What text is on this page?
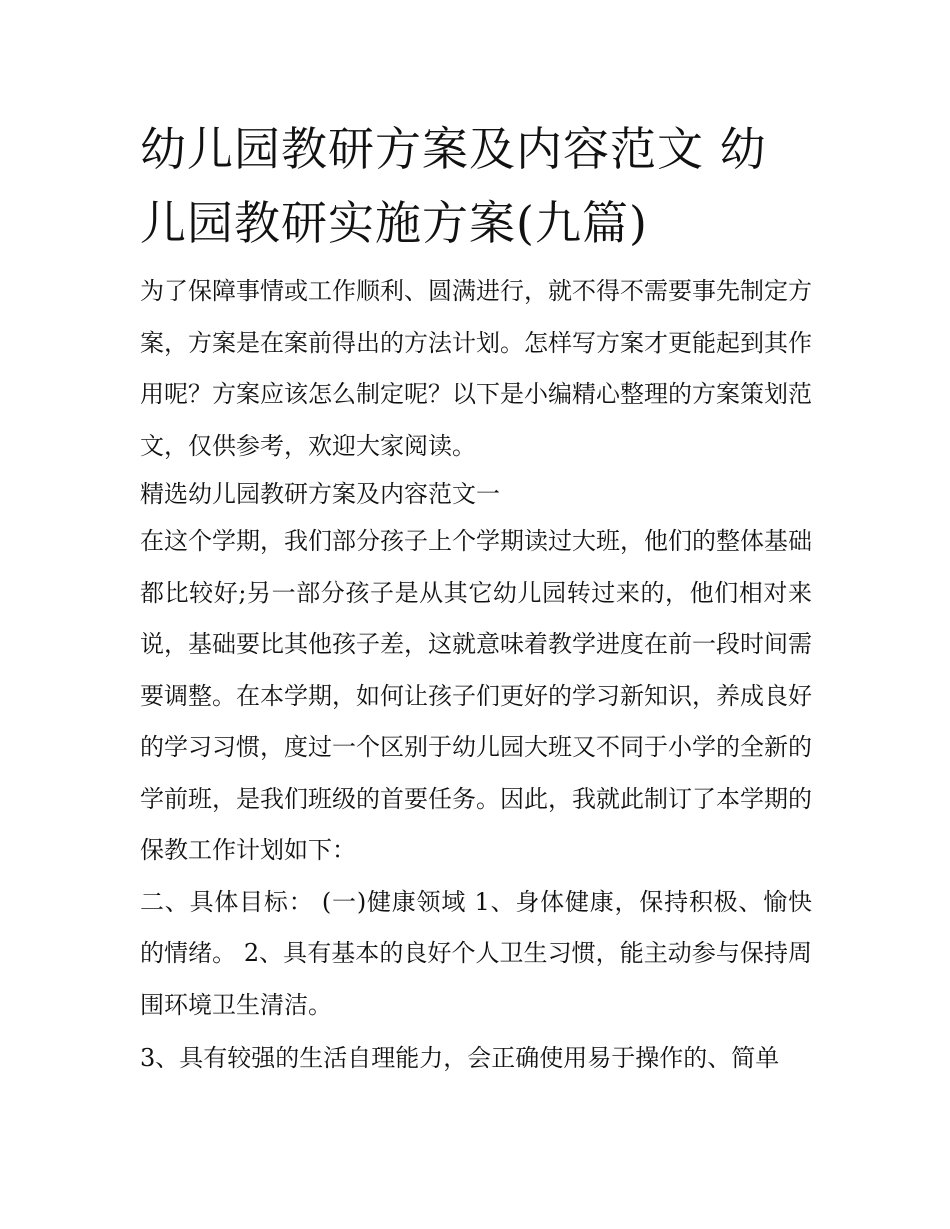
幼儿园教研方案及内容范文 幼儿园教研实施方案(九篇)

为了保障事情或工作顺利、圆满进行，就不得不需要事先制定方案，方案是在案前得出的方法计划。怎样写方案才更能起到其作用呢？方案应该怎么制定呢？以下是小编精心整理的方案策划范文，仅供参考，欢迎大家阅读。

精选幼儿园教研方案及内容范文一

在这个学期，我们部分孩子上个学期读过大班，他们的整体基础都比较好;另一部分孩子是从其它幼儿园转过来的，他们相对来说，基础要比其他孩子差，这就意味着教学进度在前一段时间需要调整。在本学期，如何让孩子们更好的学习新知识，养成良好的学习习惯，度过一个区别于幼儿园大班又不同于小学的全新的学前班，是我们班级的首要任务。因此，我就此制订了本学期的保教工作计划如下：

二、具体目标： (一)健康领域 1、身体健康，保持积极、愉快的情绪。 2、具有基本的良好个人卫生习惯，能主动参与保持周围环境卫生清洁。

3、具有较强的生活自理能力，会正确使用易于操作的、简单
